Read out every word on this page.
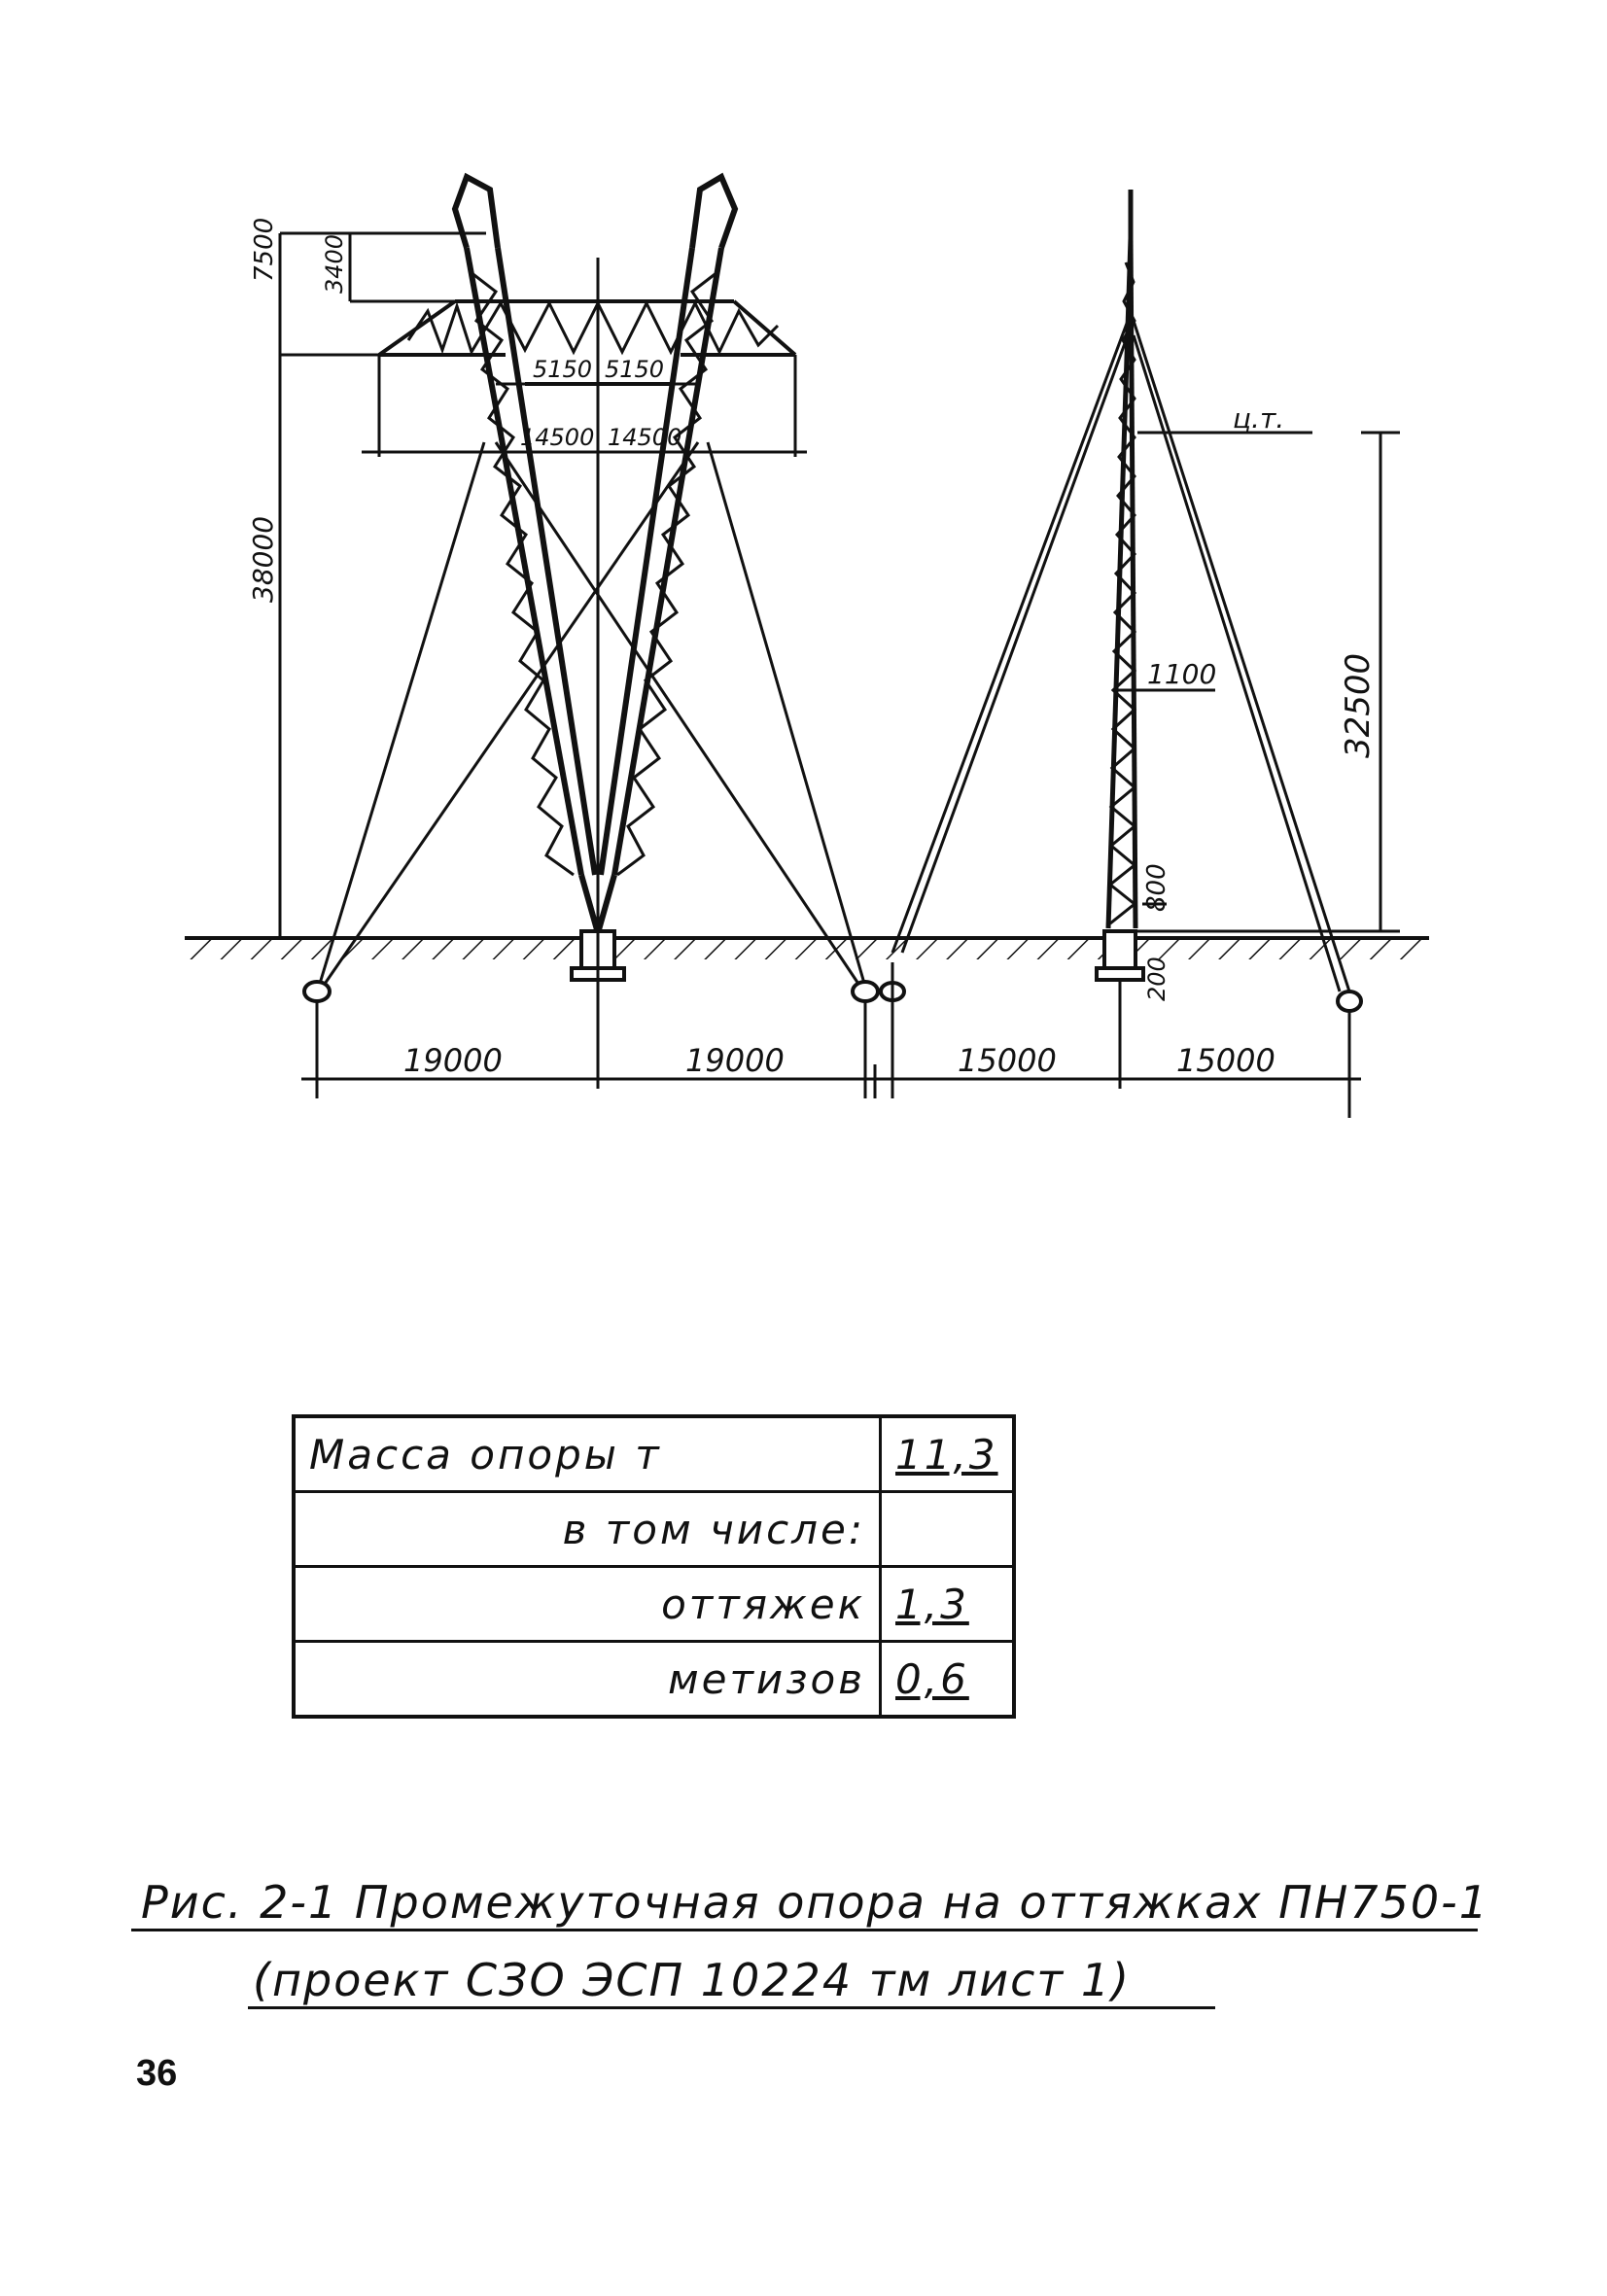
38000
7500 3400
5150 5150
14500 14500
19000	19000
ц.т.
32500
1100
800
200
15000	15000
Масса опоры т	11,3
в том числе:	
оттяжек	1,3
метизов	0,6
Рис. 2-1 Промежуточная опора на оттяжках ПН750-1
(проект СЗО ЭСП 10224 тм лист 1)
36
